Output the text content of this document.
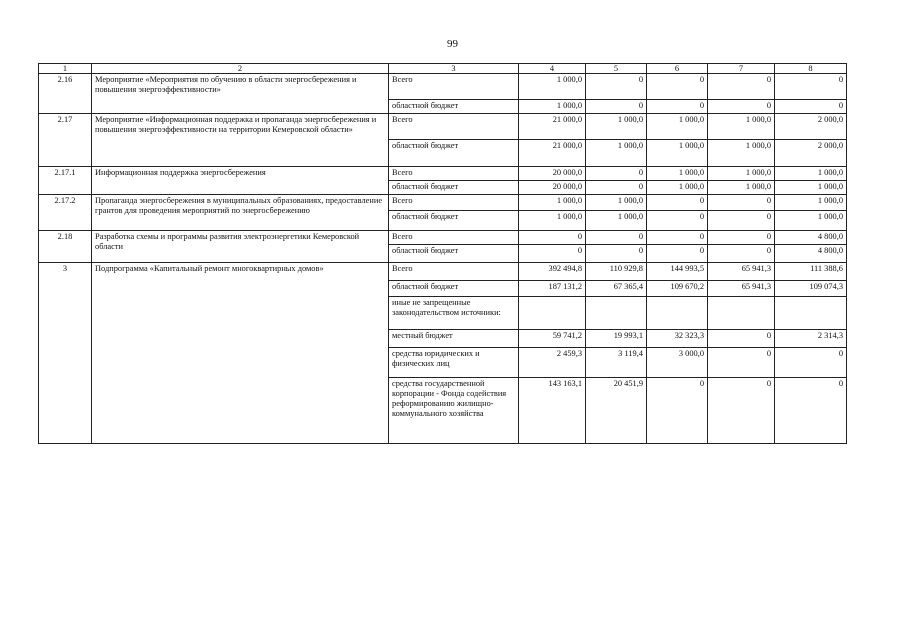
99
1	2	3	4	5	6	7	8
2.16	Мероприятие «Мероприятия по обучению в области энергосбережения и повышения энергоэффективности»	Всего	1 000,0	0	0	0	0
		областной бюджет	1 000,0	0	0	0	0
2.17	Мероприятие «Информационная поддержка и пропаганда энергосбережения и повышения энергоэффективности на территории Кемеровской области»	Всего	21 000,0	1 000,0	1 000,0	1 000,0	2 000,0
		областной бюджет	21 000,0	1 000,0	1 000,0	1 000,0	2 000,0
2.17.1	Информационная поддержка энергосбережения	Всего	20 000,0	0	1 000,0	1 000,0	1 000,0
		областной бюджет	20 000,0	0	1 000,0	1 000,0	1 000,0
2.17.2	Пропаганда энергосбережения в муниципальных образованиях, предоставление грантов для проведения мероприятий по энергосбережению	Всего	1 000,0	1 000,0	0	0	1 000,0
		областной бюджет	1 000,0	1 000,0	0	0	1 000,0
2.18	Разработка схемы и программы развития электроэнергетики Кемеровской области	Всего	0	0	0	0	4 800,0
		областной бюджет	0	0	0	0	4 800,0
3	Подпрограмма «Капитальный ремонт многоквартирных домов»	Всего	392 494,8	110 929,8	144 993,5	65 941,3	111 388,6
		областной бюджет	187 131,2	67 365,4	109 670,2	65 941,3	109 074,3
		иные не запрещенные законодательством источники:					
		местный бюджет	59 741,2	19 993,1	32 323,3	0	2 314,3
		средства юридических и физических лиц	2 459,3	3 119,4	3 000,0	0	0
		средства государственной корпорации - Фонда содействия реформированию жилищно-коммунального хозяйства	143 163,1	20 451,9	0	0	0
